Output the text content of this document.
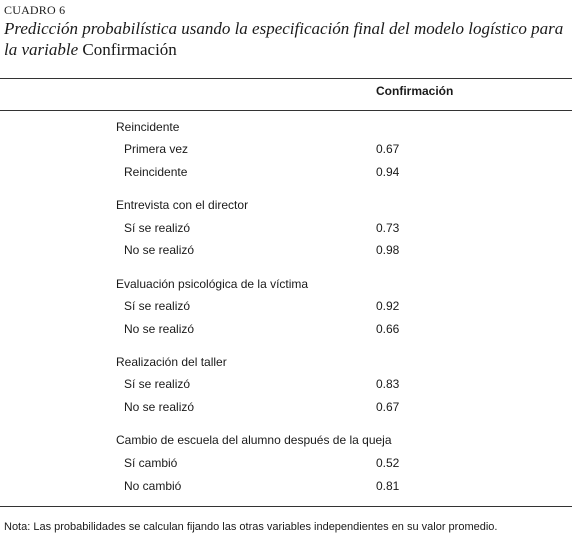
CUADRO 6
Predicción probabilística usando la especificación final del modelo logístico para la variable Confirmación
Confirmación
Reincidente
Primera vez	0.67
Reincidente	0.94
Entrevista con el director
Sí se realizó	0.73
No se realizó	0.98
Evaluación psicológica de la víctima
Sí se realizó	0.92
No se realizó	0.66
Realización del taller
Sí se realizó	0.83
No se realizó	0.67
Cambio de escuela del alumno después de la queja
Sí cambió	0.52
No cambió	0.81
Nota: Las probabilidades se calculan fijando las otras variables independientes en su valor promedio.
